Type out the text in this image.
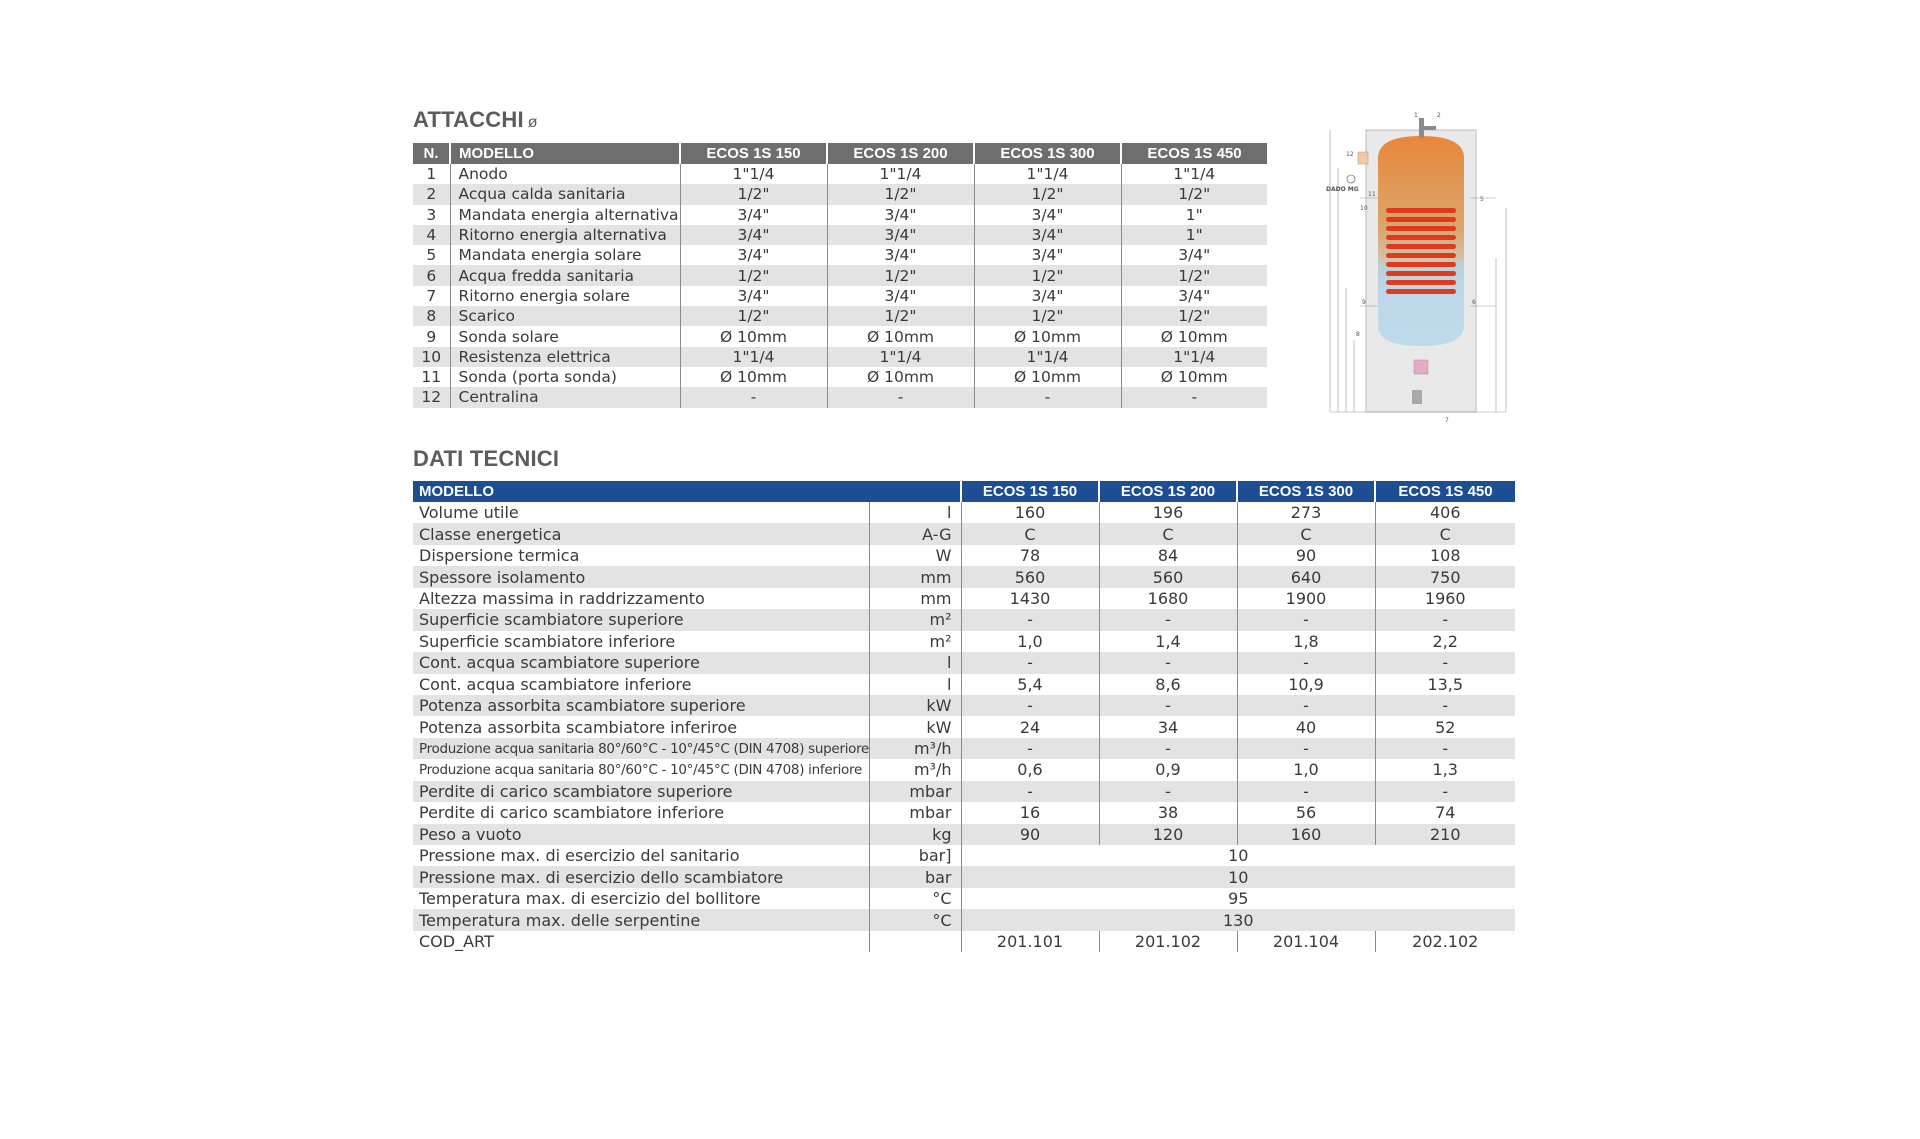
ATTACCHI ø
N.	MODELLO	ECOS 1S 150	ECOS 1S 200	ECOS 1S 300	ECOS 1S 450
1	Anodo	1"1/4	1"1/4	1"1/4	1"1/4
2	Acqua calda sanitaria	1/2"	1/2"	1/2"	1/2"
3	Mandata energia alternativa	3/4"	3/4"	3/4"	1"
4	Ritorno energia alternativa	3/4"	3/4"	3/4"	1"
5	Mandata energia solare	3/4"	3/4"	3/4"	3/4"
6	Acqua fredda sanitaria	1/2"	1/2"	1/2"	1/2"
7	Ritorno energia solare	3/4"	3/4"	3/4"	3/4"
8	Scarico	1/2"	1/2"	1/2"	1/2"
9	Sonda solare	Ø 10mm	Ø 10mm	Ø 10mm	Ø 10mm
10	Resistenza elettrica	1"1/4	1"1/4	1"1/4	1"1/4
11	Sonda (porta sonda)	Ø 10mm	Ø 10mm	Ø 10mm	Ø 10mm
12	Centralina	-	-	-	-
1	2
5
6
7
8
9
10
11
12
DADO MG
DATI TECNICI
MODELLO		ECOS 1S 150	ECOS 1S 200	ECOS 1S 300	ECOS 1S 450
Volume utile	l	160	196	273	406
Classe energetica	A-G	C	C	C	C
Dispersione termica	W	78	84	90	108
Spessore isolamento	mm	560	560	640	750
Altezza massima in raddrizzamento	mm	1430	1680	1900	1960
Superficie scambiatore superiore	m²	-	-	-	-
Superficie scambiatore inferiore	m²	1,0	1,4	1,8	2,2
Cont. acqua scambiatore superiore	l	-	-	-	-
Cont. acqua scambiatore inferiore	l	5,4	8,6	10,9	13,5
Potenza assorbita scambiatore superiore	kW	-	-	-	-
Potenza assorbita scambiatore inferiroe	kW	24	34	40	52
Produzione acqua sanitaria 80°/60°C - 10°/45°C (DIN 4708) superiore	m³/h	-	-	-	-
Produzione acqua sanitaria 80°/60°C - 10°/45°C (DIN 4708) inferiore	m³/h	0,6	0,9	1,0	1,3
Perdite di carico scambiatore superiore	mbar	-	-	-	-
Perdite di carico scambiatore inferiore	mbar	16	38	56	74
Peso a vuoto	kg	90	120	160	210
Pressione max. di esercizio del sanitario	bar]	10			
Pressione max. di esercizio dello scambiatore	bar	10			
Temperatura max. di esercizio del bollitore	°C	95			
Temperatura max. delle serpentine	°C	130			
COD_ART		201.101	201.102	201.104	202.102
